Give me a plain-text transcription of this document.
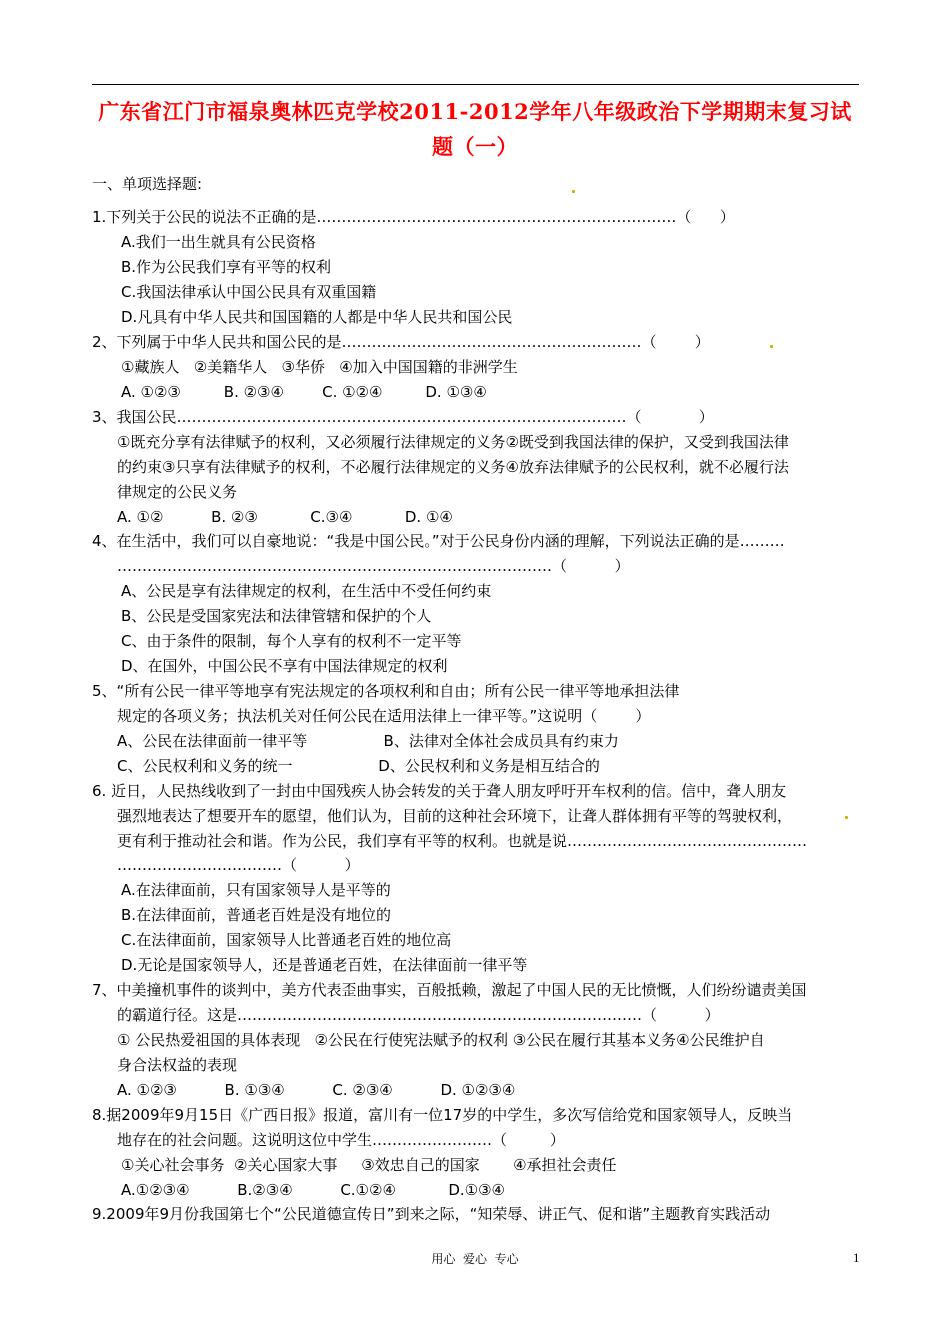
广东省江门市福泉奥林匹克学校2011-2012学年八年级政治下学期期末复习试
题（一）
一、单项选择题:
1.下列关于公民的说法不正确的是………………………………………………………………（      ）
A.我们一出生就具有公民资格
B.作为公民我们享有平等的权利
C.我国法律承认中国公民具有双重国籍
D.凡具有中华人民共和国国籍的人都是中华人民共和国公民
2、下列属于中华人民共和国公民的是……………………………………………………（        ）
①藏族人   ②美籍华人   ③华侨   ④加入中国国籍的非洲学生
A. ①②③         B. ②③④        C. ①②④         D. ①③④
3、我国公民………………………………………………………………………………（            ）
①既充分享有法律赋予的权利，又必须履行法律规定的义务②既受到我国法律的保护，又受到我国法律
的约束③只享有法律赋予的权利，不必履行法律规定的义务④放弃法律赋予的公民权利，就不必履行法
律规定的公民义务
A. ①②          B. ②③           C.③④           D. ①④
4、在生活中，我们可以自豪地说：“我是中国公民。”对于公民身份内涵的理解，下列说法正确的是………
……………………………………………………………………………（          ）
A、公民是享有法律规定的权利，在生活中不受任何约束
B、公民是受国家宪法和法律管辖和保护的个人
C、由于条件的限制，每个人享有的权利不一定平等
D、在国外，中国公民不享有中国法律规定的权利
5、“所有公民一律平等地享有宪法规定的各项权利和自由；所有公民一律平等地承担法律
规定的各项义务；执法机关对任何公民在适用法律上一律平等。”这说明（        ）
A、公民在法律面前一律平等                B、法律对全体社会成员具有约束力
C、公民权利和义务的统一                  D、公民权利和义务是相互结合的
6. 近日，人民热线收到了一封由中国残疾人协会转发的关于聋人朋友呼吁开车权利的信。信中，聋人朋友
强烈地表达了想要开车的愿望，他们认为，目前的这种社会环境下，让聋人群体拥有平等的驾驶权利，
更有利于推动社会和谐。作为公民，我们享有平等的权利。也就是说…………………………………………
……………………………（          ）
A.在法律面前，只有国家领导人是平等的
B.在法律面前，普通老百姓是没有地位的
C.在法律面前，国家领导人比普通老百姓的地位高
D.无论是国家领导人，还是普通老百姓，在法律面前一律平等
7、中美撞机事件的谈判中，美方代表歪曲事实，百般抵赖，激起了中国人民的无比愤慨，人们纷纷谴责美国
的霸道行径。这是………………………………………………………………………（          ）
① 公民热爱祖国的具体表现   ②公民在行使宪法赋予的权利 ③公民在履行其基本义务④公民维护自
身合法权益的表现
A. ①②③          B. ①③④          C. ②③④          D. ①②③④
8.据2009年9月15日《广西日报》报道，富川有一位17岁的中学生，多次写信给党和国家领导人，反映当
地存在的社会问题。这说明这位中学生……………………（         ）
①关心社会事务  ②关心国家大事     ③效忠自己的国家       ④承担社会责任
A.①②③④          B.②③④          C.①②④           D.①③④
9.2009年9月份我国第七个“公民道德宣传日”到来之际，“知荣辱、讲正气、促和谐”主题教育实践活动
用心  爱心  专心	1
